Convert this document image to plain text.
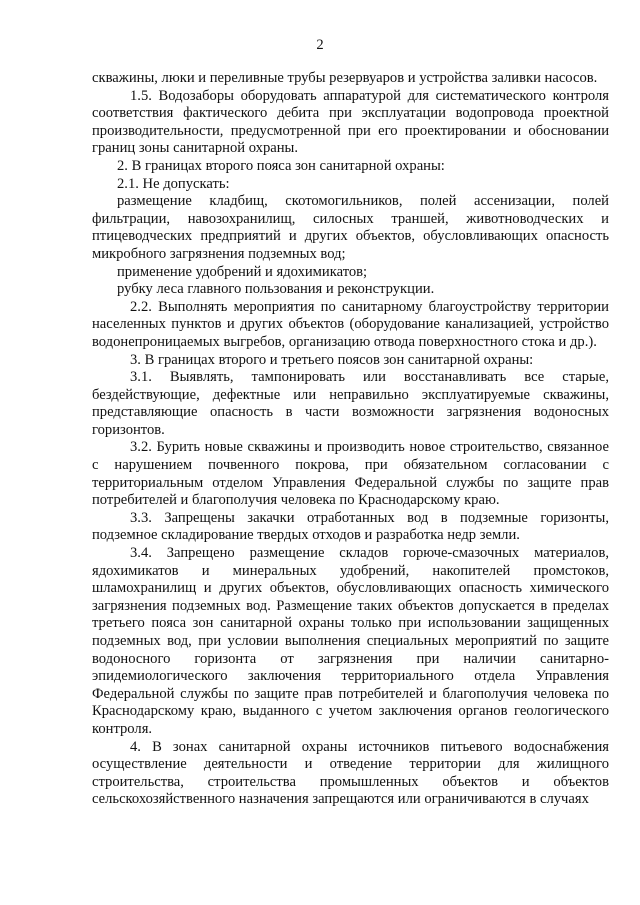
2

скважины, люки и переливные трубы резервуаров и устройства заливки насосов.

1.5. Водозаборы оборудовать аппаратурой для систематического контроля соответствия фактического дебита при эксплуатации водопровода проектной производительности, предусмотренной при его проектировании и обосновании границ зоны санитарной охраны.

2. В границах второго пояса зон санитарной охраны:

2.1. Не допускать:

размещение кладбищ, скотомогильников, полей ассенизации, полей фильтрации, навозохранилищ, силосных траншей, животноводческих и птицеводческих предприятий и других объектов, обусловливающих опасность микробного загрязнения подземных вод;

применение удобрений и ядохимикатов;

рубку леса главного пользования и реконструкции.

2.2. Выполнять мероприятия по санитарному благоустройству территории населенных пунктов и других объектов (оборудование канализацией, устройство водонепроницаемых выгребов, организацию отвода поверхностного стока и др.).

3. В границах второго и третьего поясов зон санитарной охраны:

3.1. Выявлять, тампонировать или восстанавливать все старые, бездействующие, дефектные или неправильно эксплуатируемые скважины, представляющие опасность в части возможности загрязнения водоносных горизонтов.

3.2. Бурить новые скважины и производить новое строительство, связанное с нарушением почвенного покрова, при обязательном согласовании с территориальным отделом Управления Федеральной службы по защите прав потребителей и благополучия человека по Краснодарскому краю.

3.3. Запрещены закачки отработанных вод в подземные горизонты, подземное складирование твердых отходов и разработка недр земли.

3.4. Запрещено размещение складов горюче-смазочных материалов, ядохимикатов и минеральных удобрений, накопителей промстоков, шламохранилищ и других объектов, обусловливающих опасность химического загрязнения подземных вод. Размещение таких объектов допускается в пределах третьего пояса зон санитарной охраны только при использовании защищенных подземных вод, при условии выполнения специальных мероприятий по защите водоносного горизонта от загрязнения при наличии санитарно-эпидемиологического заключения территориального отдела Управления Федеральной службы по защите прав потребителей и благополучия человека по Краснодарскому краю, выданного с учетом заключения органов геологического контроля.

4. В зонах санитарной охраны источников питьевого водоснабжения осуществление деятельности и отведение территории для жилищного строительства, строительства промышленных объектов и объектов сельскохозяйственного назначения запрещаются или ограничиваются в случаях
